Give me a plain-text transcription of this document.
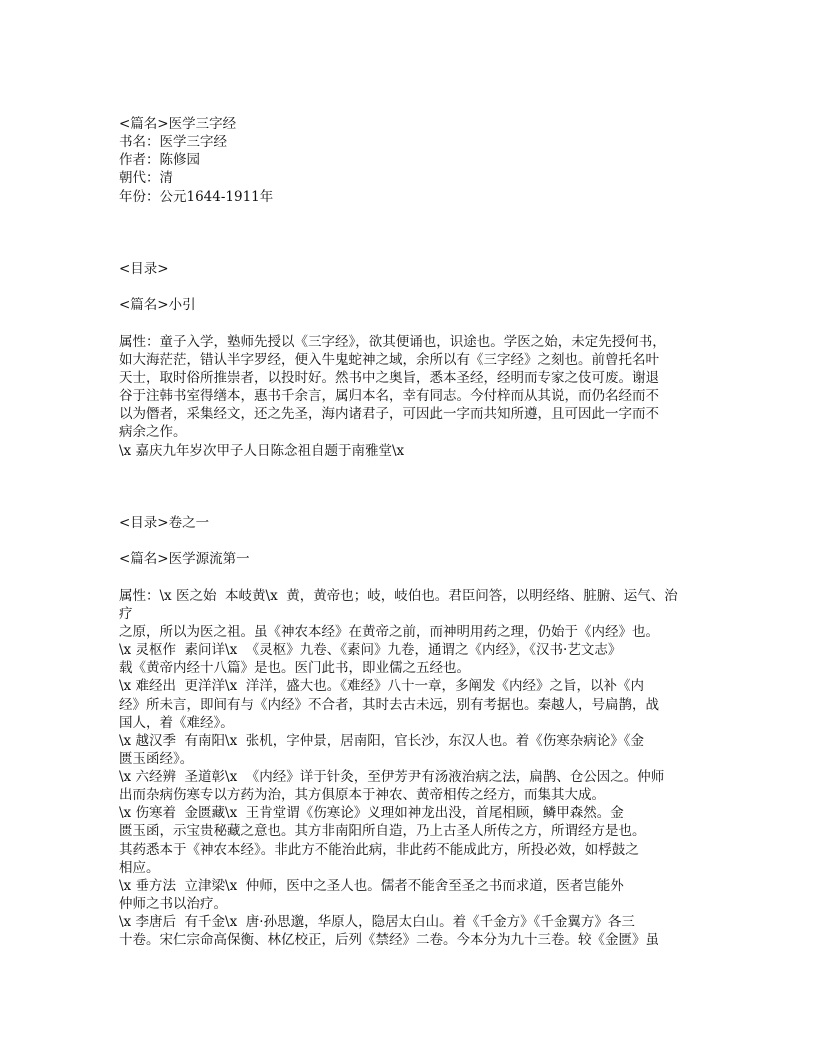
<篇名>医学三字经
书名：医学三字经
作者：陈修园
朝代：清
年份：公元1644-1911年
<目录>
<篇名>小引
属性：童子入学，塾师先授以《三字经》，欲其便诵也，识途也。学医之始，未定先授何书，
如大海茫茫，错认半字罗经，便入牛鬼蛇神之域，余所以有《三字经》之刻也。前曾托名叶
天士，取时俗所推崇者，以投时好。然书中之奥旨，悉本圣经，经明而专家之伎可废。谢退
谷于注韩书室得缮本，惠书千余言，属归本名，幸有同志。今付梓而从其说，而仍名经而不
以为僭者，采集经文，还之先圣，海内诸君子，可因此一字而共知所遵，且可因此一字而不
病余之作。
\x 嘉庆九年岁次甲子人日陈念祖自题于南雅堂\x
<目录>卷之一
<篇名>医学源流第一
属性：\x 医之始  本岐黄\x  黄，黄帝也；岐，岐伯也。君臣问答，以明经络、脏腑、运气、治
疗
之原，所以为医之祖。虽《神农本经》在黄帝之前，而神明用药之理，仍始于《内经》也。
\x 灵枢作  素问详\x  《灵枢》九卷、《素问》九卷，通谓之《内经》，《汉书·艺文志》
载《黄帝内经十八篇》是也。医门此书，即业儒之五经也。
\x 难经出  更洋洋\x  洋洋，盛大也。《难经》八十一章，多阐发《内经》之旨，以补《内
经》所未言，即间有与《内经》不合者，其时去古未远，别有考据也。秦越人，号扁鹊，战
国人，着《难经》。
\x 越汉季  有南阳\x  张机，字仲景，居南阳，官长沙，东汉人也。着《伤寒杂病论》《金
匮玉函经》。
\x 六经辨  圣道彰\x  《内经》详于针灸，至伊芳尹有汤液治病之法，扁鹊、仓公因之。仲师
出而杂病伤寒专以方药为治，其方俱原本于神农、黄帝相传之经方，而集其大成。
\x 伤寒着  金匮藏\x  王肯堂谓《伤寒论》义理如神龙出没，首尾相顾，鳞甲森然。金
匮玉函，示宝贵秘藏之意也。其方非南阳所自造，乃上古圣人所传之方，所谓经方是也。
其药悉本于《神农本经》。非此方不能治此病，非此药不能成此方，所投必效，如桴鼓之
相应。
\x 垂方法  立津梁\x  仲师，医中之圣人也。儒者不能舍至圣之书而求道，医者岂能外
仲师之书以治疗。
\x 李唐后  有千金\x  唐·孙思邈，华原人，隐居太白山。着《千金方》《千金翼方》各三
十卷。宋仁宗命高保衡、林亿校正，后列《禁经》二卷。今本分为九十三卷。较《金匮》虽
